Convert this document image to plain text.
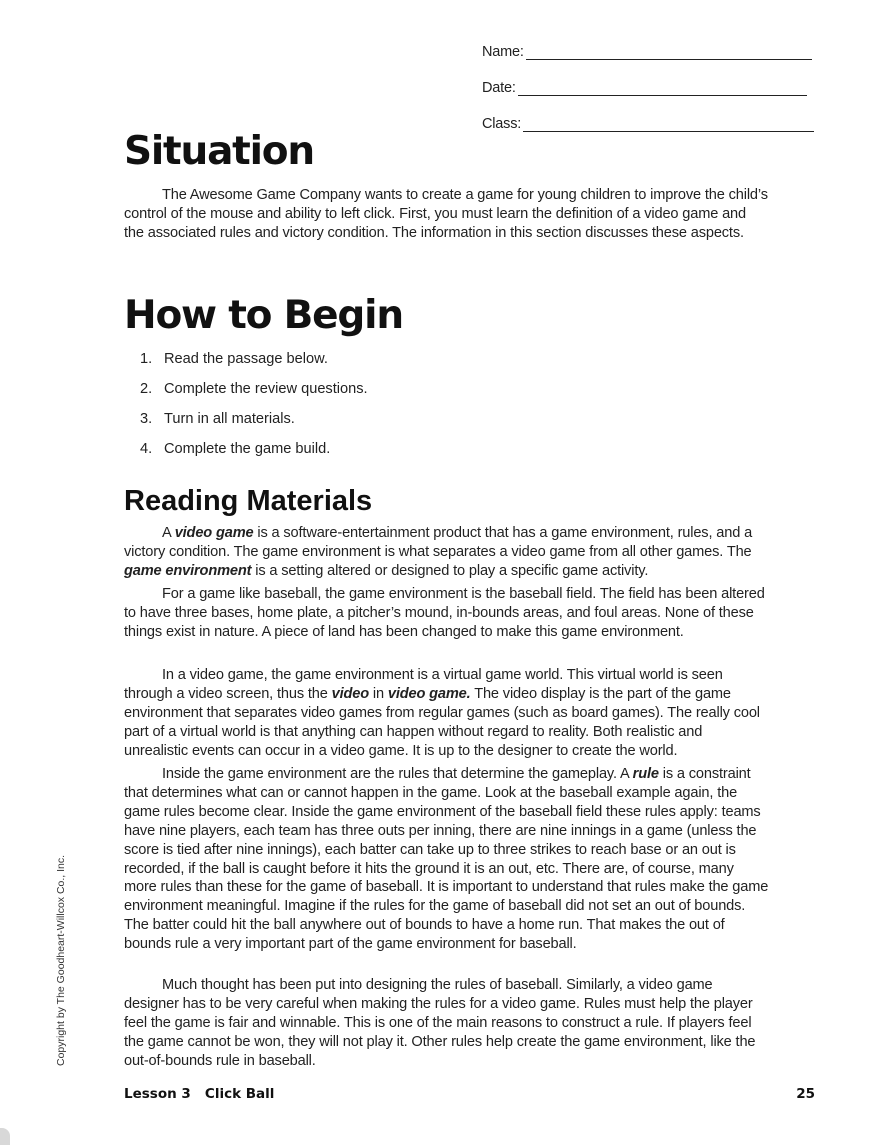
Name:
Date:
Class:
Situation

The Awesome Game Company wants to create a game for young children to improve the child’s control of the mouse and ability to left click. First, you must learn the definition of a video game and the associated rules and victory condition. The information in this section discusses these aspects.

How to Begin
1. Read the passage below.
2. Complete the review questions.
3. Turn in all materials.
4. Complete the game build.
Reading Materials

A video game is a software-entertainment product that has a game environment, rules, and a victory condition. The game environment is what separates a video game from all other games. The game environment is a setting altered or designed to play a specific game activity.

For a game like baseball, the game environment is the baseball field. The field has been altered to have three bases, home plate, a pitcher’s mound, in-bounds areas, and foul areas. None of these things exist in nature. A piece of land has been changed to make this game environment.

In a video game, the game environment is a virtual game world. This virtual world is seen through a video screen, thus the video in video game. The video display is the part of the game environment that separates video games from regular games (such as board games). The really cool part of a virtual world is that anything can happen without regard to reality. Both realistic and unrealistic events can occur in a video game. It is up to the designer to create the world.

Inside the game environment are the rules that determine the gameplay. A rule is a constraint that determines what can or cannot happen in the game. Look at the baseball example again, the game rules become clear. Inside the game environment of the baseball field these rules apply: teams have nine players, each team has three outs per inning, there are nine innings in a game (unless the score is tied after nine innings), each batter can take up to three strikes to reach base or an out is recorded, if the ball is caught before it hits the ground it is an out, etc. There are, of course, many more rules than these for the game of baseball. It is important to understand that rules make the game environment meaningful. Imagine if the rules for the game of baseball did not set an out of bounds. The batter could hit the ball anywhere out of bounds to have a home run. That makes the out of bounds rule a very important part of the game environment for baseball.

Much thought has been put into designing the rules of baseball. Similarly, a video game designer has to be very careful when making the rules for a video game. Rules must help the player feel the game is fair and winnable. This is one of the main reasons to construct a rule. If players feel the game cannot be won, they will not play it. Other rules help create the game environment, like the out-of-bounds rule in baseball.

Copyright by The Goodheart-Willcox Co., Inc.
Lesson 3 Click Ball	25
